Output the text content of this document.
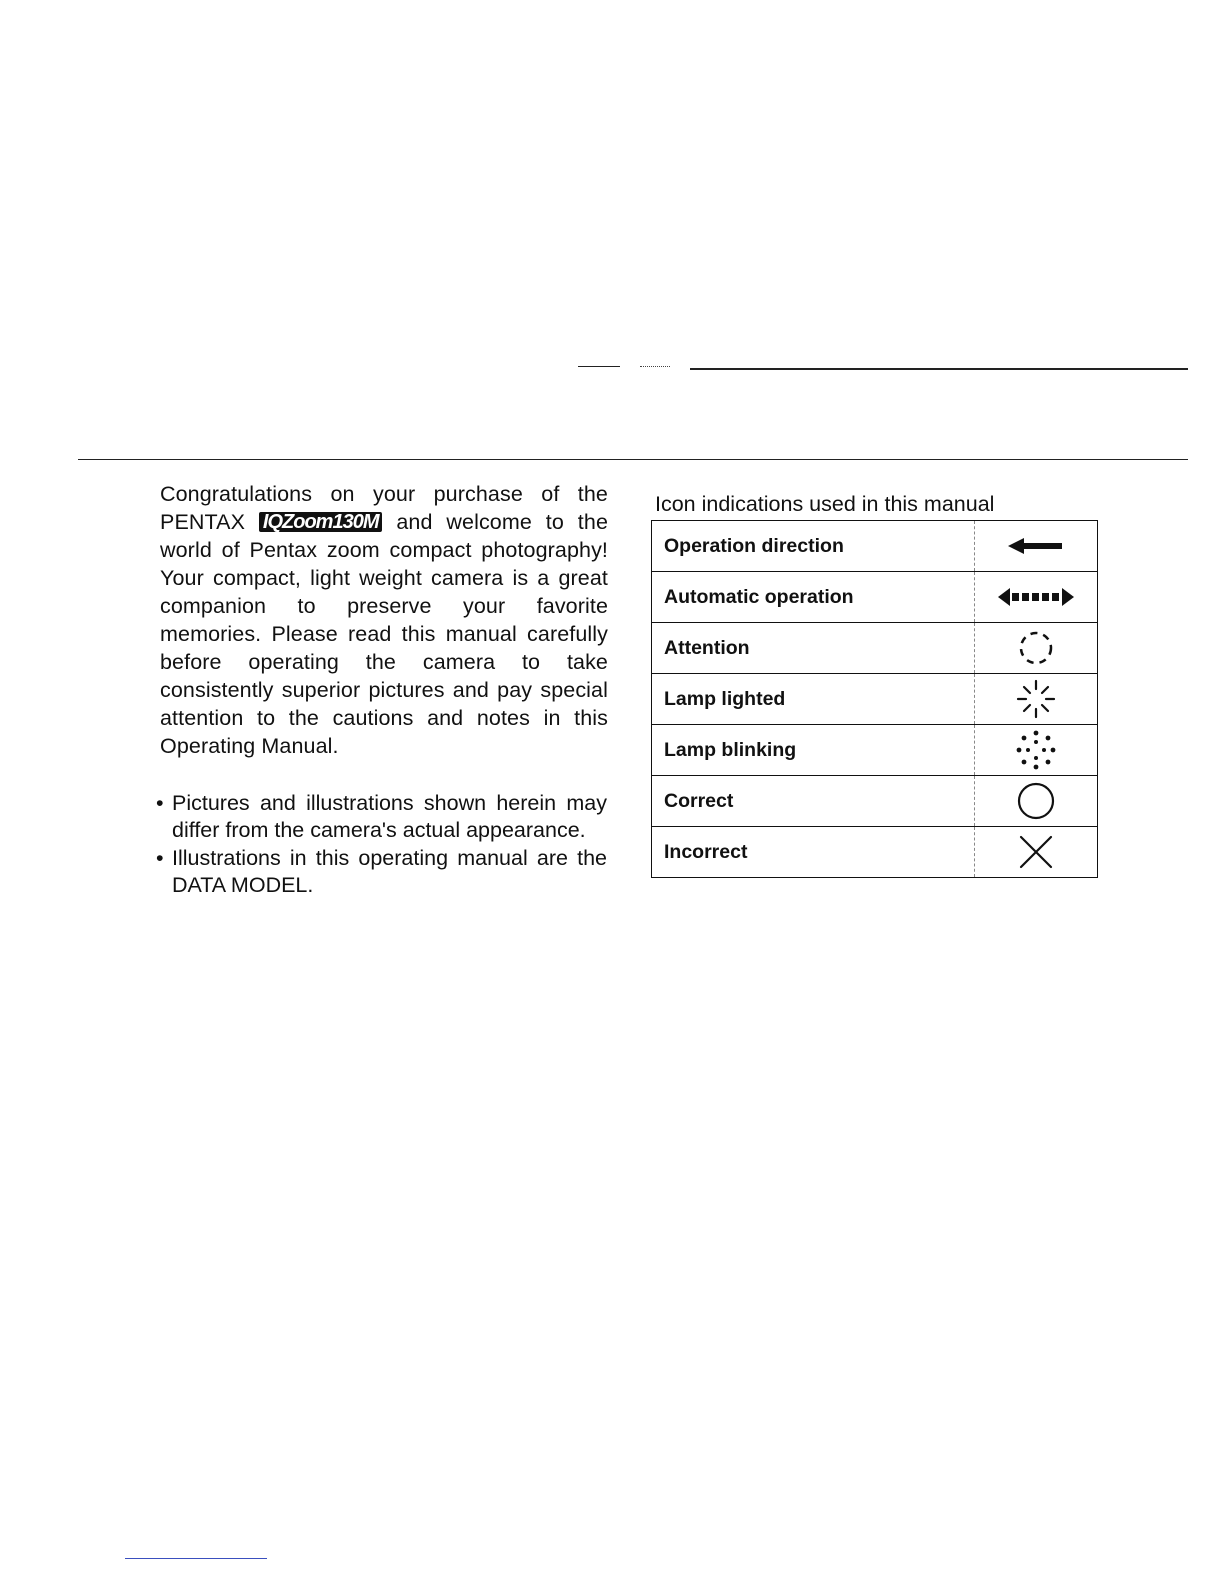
Congratulations on your purchase of the PENTAX IQZoom130M and welcome to the world of Pentax zoom compact photography! Your compact, light weight camera is a great companion to preserve your favorite memories. Please read this manual carefully before operating the camera to take consistently superior pictures and pay special attention to the cautions and notes in this Operating Manual.

• Pictures and illustrations shown herein may differ from the camera's actual appearance.
• Illustrations in this operating manual are the DATA MODEL.
Icon indications used in this manual
Operation direction	

Automatic operation	

Attention	

Lamp lighted	

Lamp blinking	

Correct	

Incorrect	
